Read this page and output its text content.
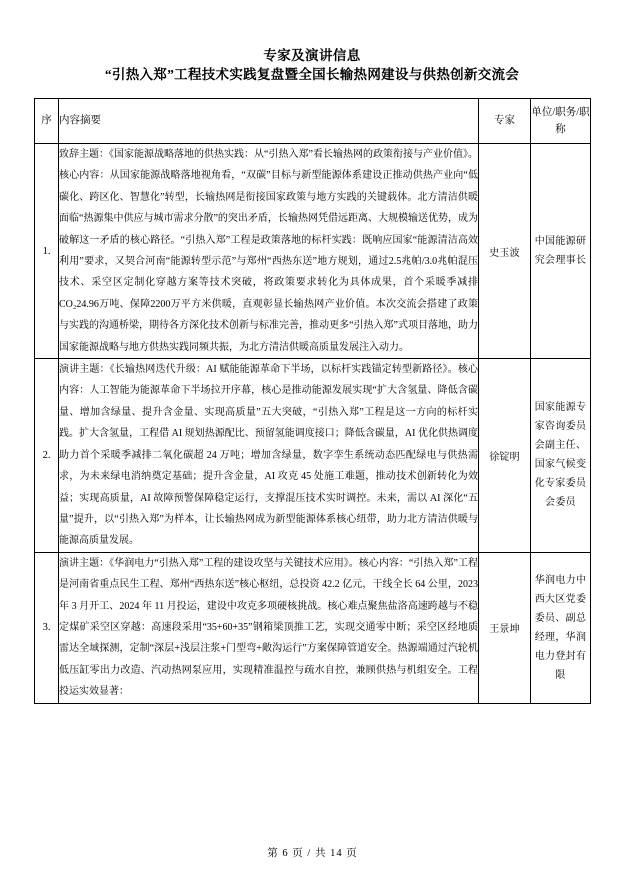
专家及演讲信息
“引热入郑”工程技术实践复盘暨全国长输热网建设与供热创新交流会
序	内容摘要	专家	单位/职务/职称
1.	致辞主题：《国家能源战略落地的供热实践：从“引热入郑”看长输热网的政策衔接与产业价值》。核心内容：从国家能源战略落地视角看，“双碳”目标与新型能源体系建设正推动供热产业向“低碳化、跨区化、智慧化”转型，长输热网是衔接国家政策与地方实践的关键载体。北方清洁供暖面临“热源集中供应与城市需求分散”的突出矛盾，长输热网凭借远距离、大规模输送优势，成为破解这一矛盾的核心路径。“引热入郑”工程是政策落地的标杆实践：既响应国家“能源清洁高效利用”要求，又契合河南“能源转型示范”与郑州“西热东送”地方规划，通过2.5兆帕/3.0兆帕混压技术、采空区定制化穿越方案等技术突破，将政策要求转化为具体成果，首个采暖季减排CO₂24.96万吨、保障2200万平方米供暖，直观彰显长输热网产业价值。本次交流会搭建了政策与实践的沟通桥梁，期待各方深化技术创新与标准完善，推动更多“引热入郑”式项目落地，助力国家能源战略与地方供热实践同频共振，为北方清洁供暖高质量发展注入动力。	史玉波	中国能源研究会理事长
2.	演讲主题：《长输热网迭代升级：AI 赋能能源革命下半场，以标杆实践锚定转型新路径》。核心内容：人工智能为能源革命下半场拉开序幕，核心是推动能源发展实现“扩大含氢量、降低含碳量、增加含绿量、提升含金量、实现高质量”五大突破，“引热入郑”工程是这一方向的标杆实践。扩大含氢量，工程借 AI 规划热源配比、预留氢能调度接口；降低含碳量，AI 优化供热调度助力首个采暖季减排二氧化碳超 24 万吨；增加含绿量，数字孪生系统动态匹配绿电与供热需求，为未来绿电消纳奠定基础；提升含金量，AI 攻克 45 处施工难题，推动技术创新转化为效益；实现高质量，AI 故障预警保障稳定运行，支撑混压技术实时调控。未来，需以 AI 深化“五量”提升，以“引热入郑”为样本，让长输热网成为新型能源体系核心纽带，助力北方清洁供暖与能源高质量发展。	徐锭明	国家能源专家咨询委员会副主任、国家气候变化专家委员会委员
3.	演讲主题：《华润电力“引热入郑”工程的建设攻坚与关键技术应用》。核心内容：“引热入郑”工程是河南省重点民生工程、郑州“西热东送”核心枢纽，总投资 42.2 亿元，干线全长 64 公里，2023 年 3 月开工、2024 年 11 月投运，建设中攻克多项硬核挑战。核心难点聚焦盐洛高速跨越与不稳定煤矿采空区穿越：高速段采用“35+60+35”钢箱梁顶推工艺，实现交通零中断；采空区经地质雷达全域探测，定制“深层+浅层注浆+门型弯+敞沟运行”方案保障管道安全。热源端通过汽轮机低压缸零出力改造、汽动热网泵应用，实现精准温控与疏水自控，兼顾供热与机组安全。工程投运实效显著：	王景坤	华润电力中西大区党委委员、副总经理，华润电力登封有限
第 6 页 / 共 14 页
